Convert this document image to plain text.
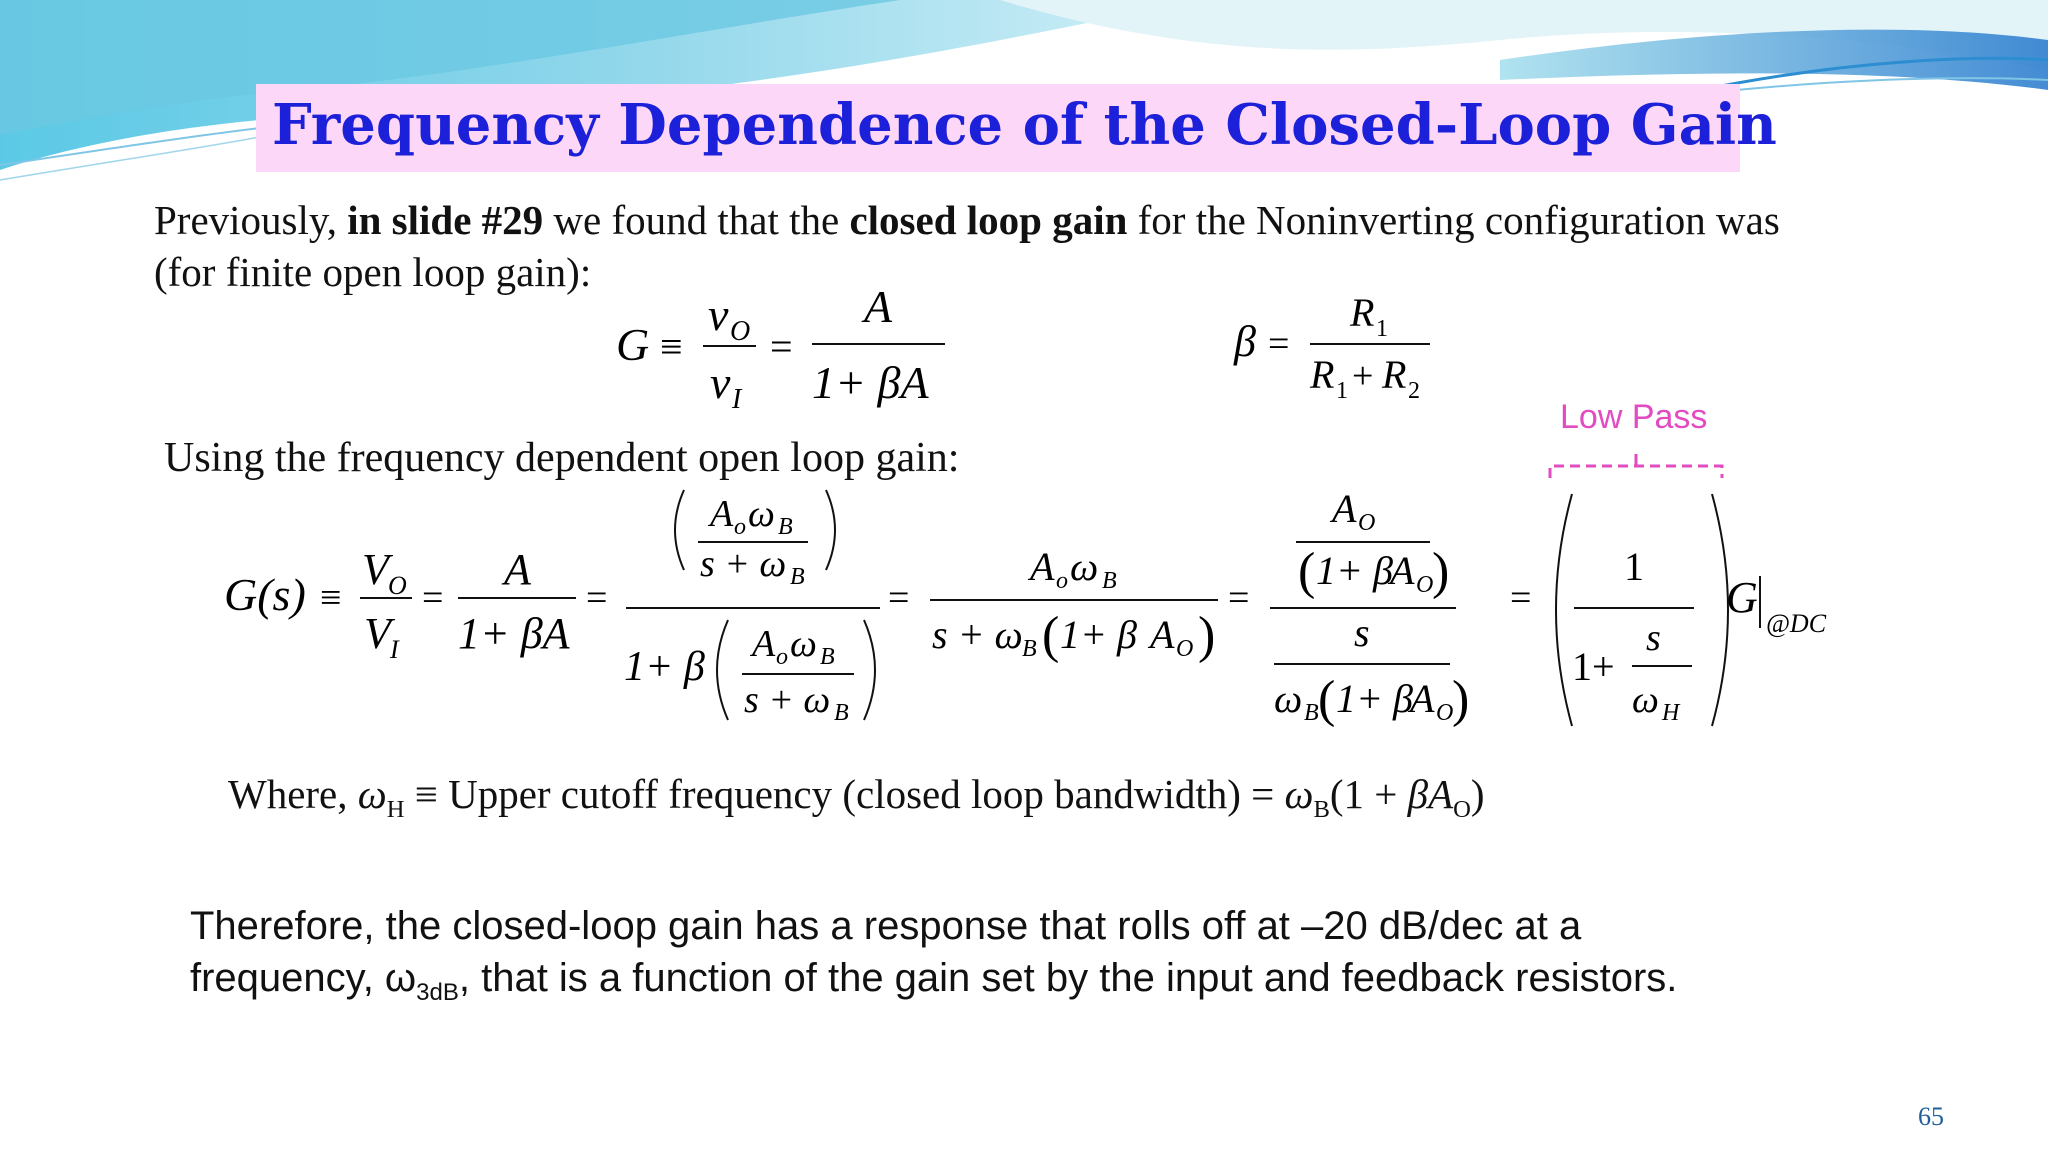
Frequency Dependence of the Closed-Loop Gain
Previously, in slide #29 we found that the closed loop gain for the Noninverting configuration was
(for finite open loop gain):
G ≡
v O
v I
=
A
1+ βA
β =
R 1
R 1 + R 2
Low Pass
Using the frequency dependent open loop gain:
G(s) ≡
V O
V I
=
A
1+ βA
=
A o ω B
s + ω B
1+ β A o ω B
s + ω B
=
A o ω B
s + ω B ( 1+ β A O )
=
A O
( 1+ β
A O
)
s
ω B ( 1+ β
A O
)
=
1
1+
s
ω H
G
@DC
Where, $\omega_H$ ≡ Upper cutoff frequency (closed loop bandwidth) = $\omega_B(1 + \beta A_O)$
Therefore, the closed-loop gain has a response that rolls off at –20 dB/dec at a
frequency, $\omega_{3dB}$, that is a function of the gain set by the input and feedback resistors.
65
